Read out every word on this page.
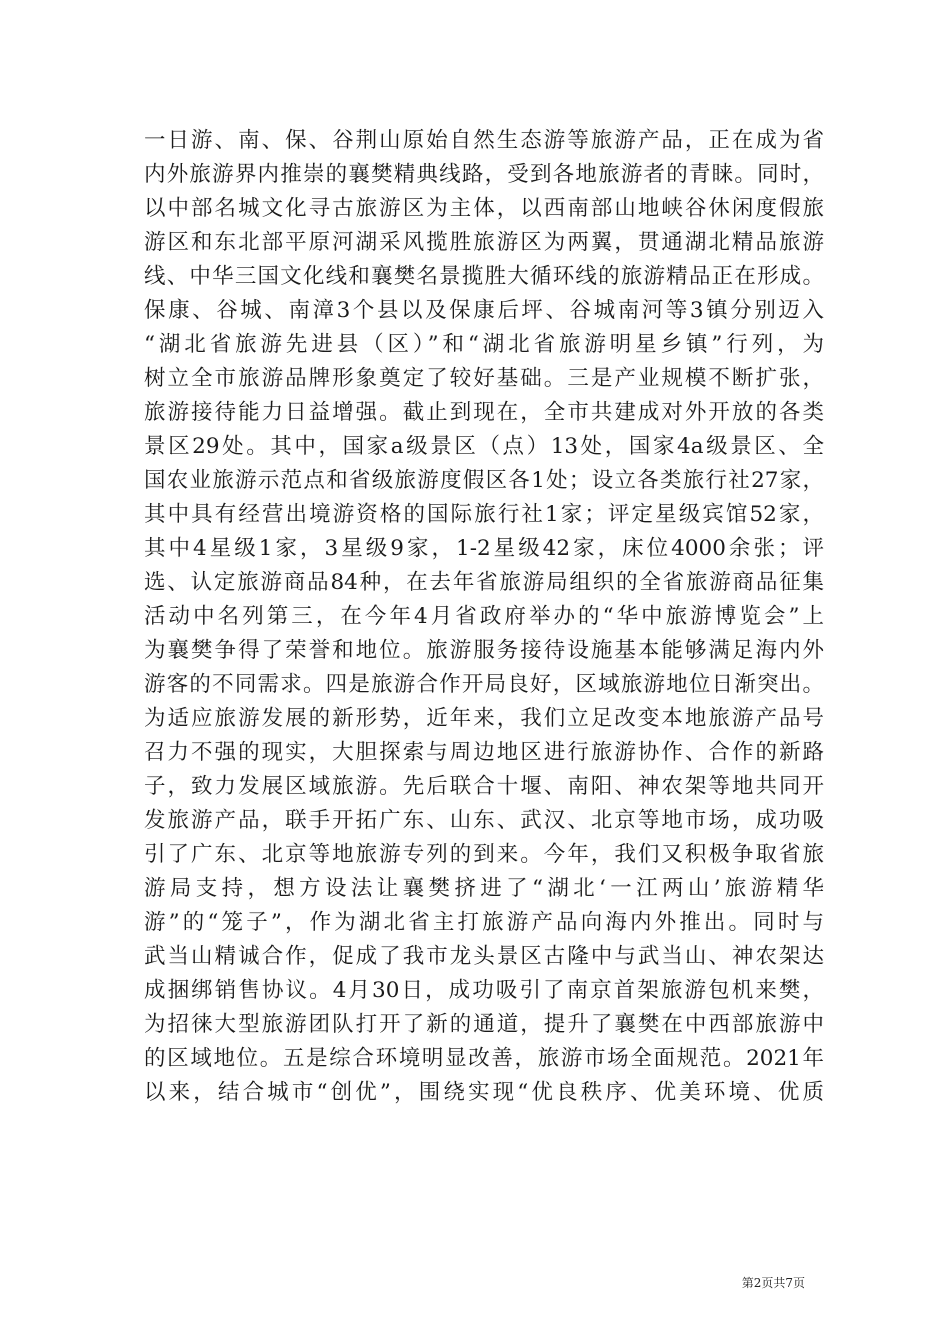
一日游、南、保、谷荆山原始自然生态游等旅游产品，正在成为省
内外旅游界内推崇的襄樊精典线路，受到各地旅游者的青睐。同时，
以中部名城文化寻古旅游区为主体，以西南部山地峡谷休闲度假旅
游区和东北部平原河湖采风揽胜旅游区为两翼，贯通湖北精品旅游
线、中华三国文化线和襄樊名景揽胜大循环线的旅游精品正在形成。
保康、谷城、南漳3个县以及保康后坪、谷城南河等3镇分别迈入
“湖北省旅游先进县（区）”和“湖北省旅游明星乡镇”行列，为
树立全市旅游品牌形象奠定了较好基础。三是产业规模不断扩张，
旅游接待能力日益增强。截止到现在，全市共建成对外开放的各类
景区29处。其中，国家a级景区（点）13处，国家4a级景区、全
国农业旅游示范点和省级旅游度假区各1处；设立各类旅行社27家，
其中具有经营出境游资格的国际旅行社1家；评定星级宾馆52家，
其中4星级1家，3星级9家，1-2星级42家，床位4000余张；评
选、认定旅游商品84种，在去年省旅游局组织的全省旅游商品征集
活动中名列第三，在今年4月省政府举办的“华中旅游博览会”上
为襄樊争得了荣誉和地位。旅游服务接待设施基本能够满足海内外
游客的不同需求。四是旅游合作开局良好，区域旅游地位日渐突出。
为适应旅游发展的新形势，近年来，我们立足改变本地旅游产品号
召力不强的现实，大胆探索与周边地区进行旅游协作、合作的新路
子，致力发展区域旅游。先后联合十堰、南阳、神农架等地共同开
发旅游产品，联手开拓广东、山东、武汉、北京等地市场，成功吸
引了广东、北京等地旅游专列的到来。今年，我们又积极争取省旅
游局支持，想方设法让襄樊挤进了“湖北‘一江两山’旅游精华
游”的“笼子”，作为湖北省主打旅游产品向海内外推出。同时与
武当山精诚合作，促成了我市龙头景区古隆中与武当山、神农架达
成捆绑销售协议。4月30日，成功吸引了南京首架旅游包机来樊，
为招徕大型旅游团队打开了新的通道，提升了襄樊在中西部旅游中
的区域地位。五是综合环境明显改善，旅游市场全面规范。2021年
以来，结合城市“创优”，围绕实现“优良秩序、优美环境、优质
第2页共7页
